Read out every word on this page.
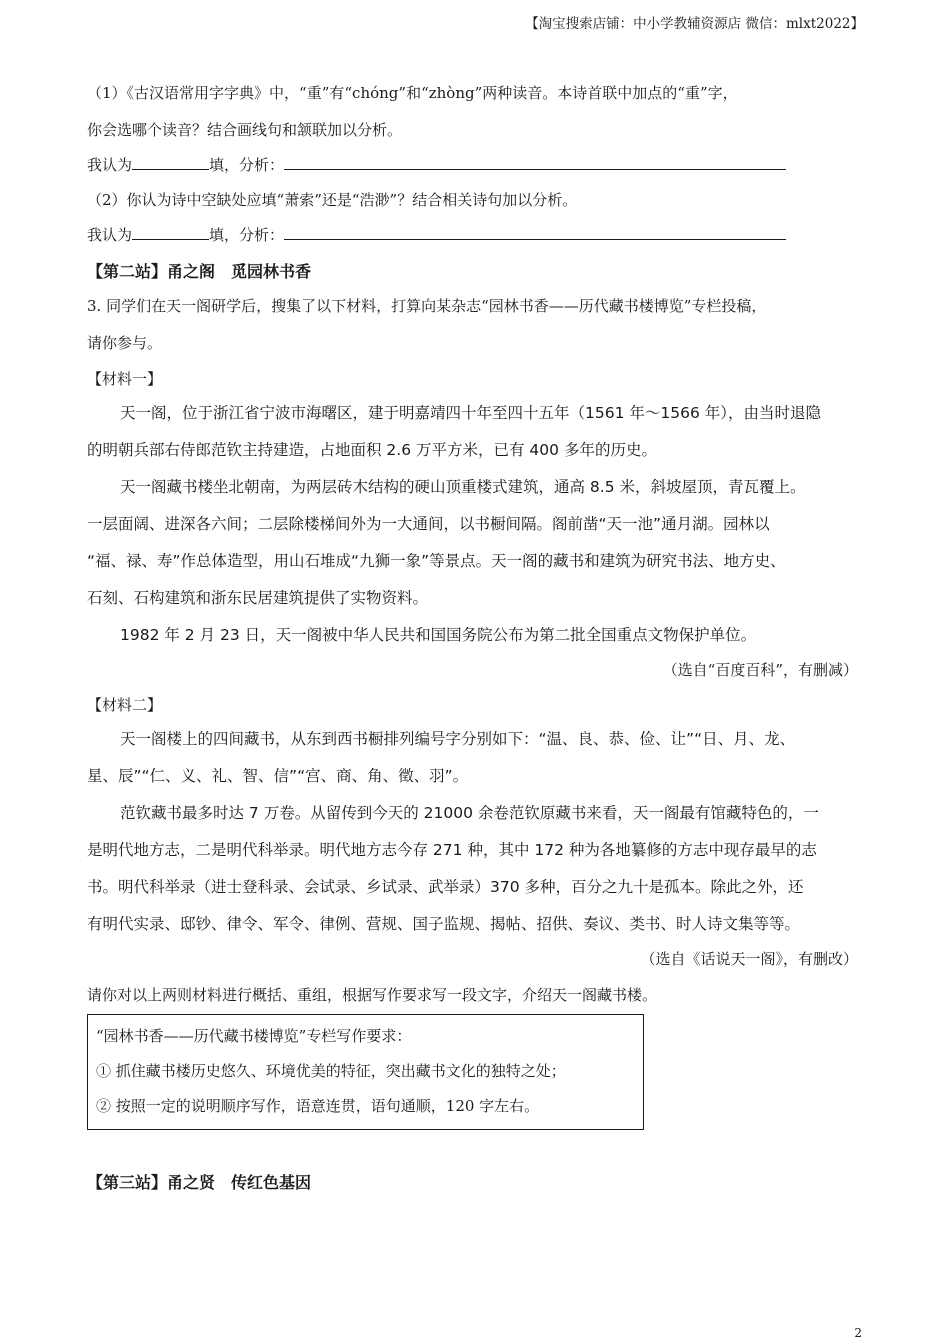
【淘宝搜索店铺：中小学教辅资源店 微信：mlxt2022】
（1）《古汉语常用字字典》中，“重”有“chóng”和“zhòng”两种读音。本诗首联中加点的“重”字，
你会选哪个读音？结合画线句和颔联加以分析。
我认为	填，分析：
（2）你认为诗中空缺处应填“萧索”还是“浩渺”？结合相关诗句加以分析。
我认为	填，分析：
【第二站】甬之阁　觅园林书香
3. 同学们在天一阁研学后，搜集了以下材料，打算向某杂志“园林书香——历代藏书楼博览”专栏投稿，
请你参与。
【材料一】
天一阁，位于浙江省宁波市海曙区，建于明嘉靖四十年至四十五年（1561 年～1566 年），由当时退隐
的明朝兵部右侍郎范钦主持建造，占地面积 2.6 万平方米，已有 400 多年的历史。
天一阁藏书楼坐北朝南，为两层砖木结构的硬山顶重楼式建筑，通高 8.5 米，斜坡屋顶，青瓦覆上。
一层面阔、进深各六间；二层除楼梯间外为一大通间，以书橱间隔。阁前凿“天一池”通月湖。园林以
“福、禄、寿”作总体造型，用山石堆成“九狮一象”等景点。天一阁的藏书和建筑为研究书法、地方史、
石刻、石构建筑和浙东民居建筑提供了实物资料。
1982 年 2 月 23 日，天一阁被中华人民共和国国务院公布为第二批全国重点文物保护单位。
（选自“百度百科”，有删减）
【材料二】
天一阁楼上的四间藏书，从东到西书橱排列编号字分别如下：“温、良、恭、俭、让”“日、月、龙、
星、辰”“仁、义、礼、智、信”“宫、商、角、徵、羽”。
范钦藏书最多时达 7 万卷。从留传到今天的 21000 余卷范钦原藏书来看，天一阁最有馆藏特色的，一
是明代地方志，二是明代科举录。明代地方志今存 271 种，其中 172 种为各地纂修的方志中现存最早的志
书。明代科举录（进士登科录、会试录、乡试录、武举录）370 多种，百分之九十是孤本。除此之外，还
有明代实录、邸钞、律令、军令、律例、营规、国子监规、揭帖、招供、奏议、类书、时人诗文集等等。
（选自《话说天一阁》，有删改）
请你对以上两则材料进行概括、重组，根据写作要求写一段文字，介绍天一阁藏书楼。
“园林书香——历代藏书楼博览”专栏写作要求：
① 抓住藏书楼历史悠久、环境优美的特征，突出藏书文化的独特之处；
② 按照一定的说明顺序写作，语意连贯，语句通顺，120 字左右。
【第三站】甬之贤　传红色基因
2
